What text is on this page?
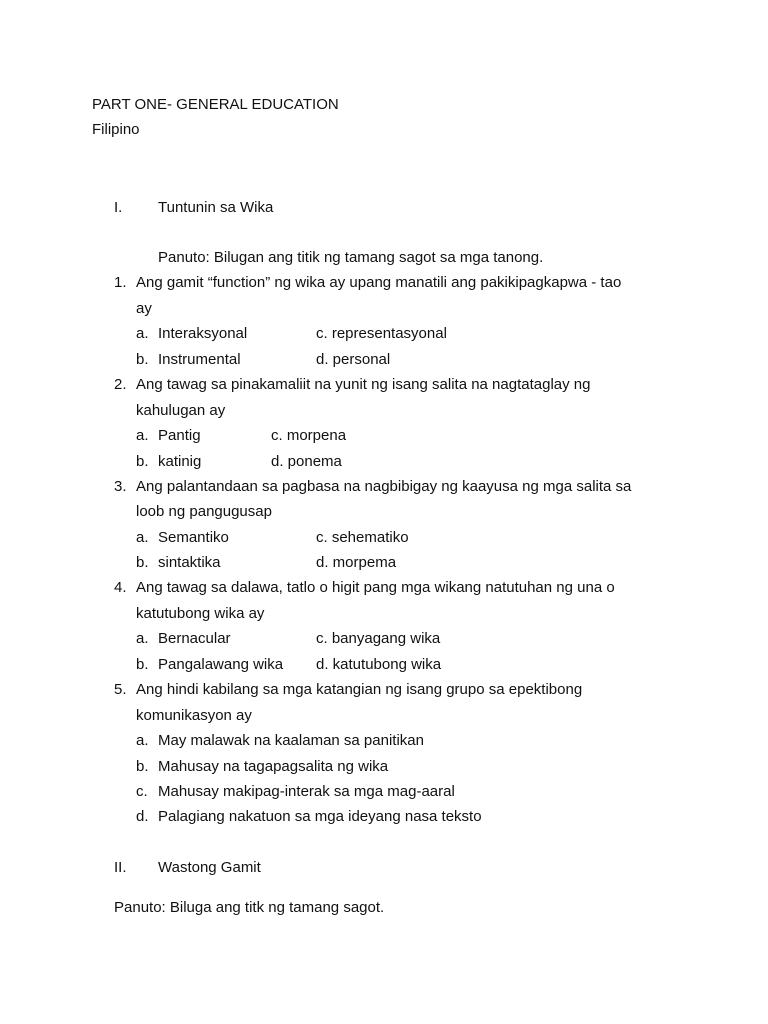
PART ONE- GENERAL EDUCATION
Filipino
I. Tuntunin sa Wika
Panuto: Bilugan ang titik ng tamang sagot sa mga tanong.
1. Ang gamit “function” ng wika ay upang manatili ang pakikipagkapwa - tao
ay
a. Interaksyonal	c. representasyonal
b. Instrumental	d. personal
2. Ang tawag sa pinakamaliit na yunit ng isang salita na nagtataglay ng
kahulugan ay
a. Pantig	c. morpena
b. katinig	d. ponema
3. Ang palantandaan sa pagbasa na nagbibigay ng kaayusa ng mga salita sa
loob ng pangugusap
a. Semantiko	c. sehematiko
b. sintaktika	d. morpema
4. Ang tawag sa dalawa, tatlo o higit pang mga wikang natutuhan ng una o
katutubong wika ay
a. Bernacular	c. banyagang wika
b. Pangalawang wika d. katutubong wika
5. Ang hindi kabilang sa mga katangian ng isang grupo sa epektibong
komunikasyon ay
a. May malawak na kaalaman sa panitikan
b. Mahusay na tagapagsalita ng wika
c. Mahusay makipag-interak sa mga mag-aaral
d. Palagiang nakatuon sa mga ideyang nasa teksto
II. Wastong Gamit
Panuto: Biluga ang titk ng tamang sagot.
